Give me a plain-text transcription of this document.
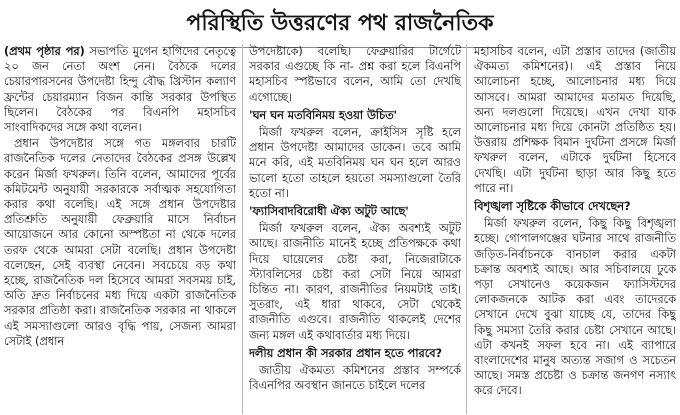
পরিস্থিতি উত্তরণের পথ রাজনৈতিক

(প্রথম পৃষ্ঠার পর) সভাপতি মুগেন হাগিদের নেতৃত্বে ২০ জন নেতা অংশ নেন। বৈঠকে দলের চেয়ারপারসনের উপদেষ্টা হিন্দু বৌদ্ধ খ্রিস্টান কল্যাণ ফ্রন্টের চেয়ারম্যান বিজন কান্তি সরকার উপস্থিত ছিলেন। বৈঠকের পর বিএনপি মহাসচিব সাংবাদিকদের সঙ্গে কথা বলেন।

প্রধান উপদেষ্টার সঙ্গে গত মঙ্গলবার চারটি রাজনৈতিক দলের নেতাদের বৈঠকের প্রসঙ্গ উল্লেখ করেন মির্জা ফখরুল। তিনি বলেন, আমাদের পূর্বের কমিটমেন্ট অনুযায়ী সরকারকে সর্বাত্মক সহযোগিতা করার কথা বলেছি। এই সঙ্গে প্রধান উপদেষ্টার প্রতিশ্রুতি অনুযায়ী ফেব্রুয়ারি মাসে নির্বাচন আয়োজনে আর কোনো অস্পষ্টতা না থেকে দলের তরফ থেকে আমরা সেটা বলেছি। প্রধান উপদেষ্টা বলেছেন, সেই ব্যবস্থা নেবেন। সবচেয়ে বড় কথা হচ্ছে, রাজনৈতিক দল হিসেবে আমরা সবসময় চাই, অতি দ্রুত নির্বাচনের মধ্য দিয়ে একটা রাজনৈতিক সরকার প্রতিষ্ঠা করা। রাজনৈতিক সরকার না থাকলে এই সমস্যাগুলো আরও বৃদ্ধি পায়, সেজন্য আমরা সেটাই (প্রধান

উপদেষ্টাকে) বলেছি। ফেব্রুয়ারির টার্গেটে সরকার এগুচ্ছে কি না- প্রশ্ন করা হলে বিএনপি মহাসচিব স্পষ্টভাবে বলেন, আমি তো দেখছি এগোচ্ছে।

'ঘন ঘন মতবিনিময় হওয়া উচিত'

মির্জা ফখরুল বলেন, ক্রাইসিস সৃষ্টি হলে প্রধান উপদেষ্টা আমাদের ডাকেন। তবে আমি মনে করি, এই মতবিনিময় ঘন ঘন হলে আরও ভালো হতো তাহলে হয়তো সমস্যাগুলো তৈরি হতো না।

'ফ্যাসিবাদবিরোধী ঐক্য অটুট আছে'

মির্জা ফখরুল বলেন, ঐক্য অবশ্যই অটুট আছে। রাজনীতি মানেই হচ্ছে প্রতিপক্ষকে কথা দিয়ে ঘায়েলের চেষ্টা করা, নিজেরাটাকে স্ট্যাবলিসের চেষ্টা করা সেটা নিয়ে আমরা চিন্তিত না। কারণ, রাজনীতির নিয়মটাই তাই। সুতরাং, এই ধারা থাকবে, সেটা থেকেই রাজনীতি এগুবে। রাজনীতি থাকলেই দেশের জন্য মঙ্গল এই কথাবার্তার মধ্য দিয়ে।

দলীয় প্রধান কী সরকার প্রধান হতে পারবে?

জাতীয় ঐকমত্য কমিশনের প্রস্তাব সম্পর্কে বিএনপির অবস্থান জানতে চাইলে দলের

মহাসচিব বলেন, এটা প্রস্তাব তাদের (জাতীয় ঐকমত্য কমিশনের)। এই প্রস্তাব নিয়ে আলোচনা হচ্ছে, আলোচনার মধ্য দিয়ে আসবে। আমরা আমাদের মতামত দিয়েছি, অন্য দলগুলো দিয়েছে। এখন দেখা যাক আলোচনার মধ্য দিয়ে কোনটা প্রতিষ্ঠিত হয়। উত্তরায় প্রশিক্ষক বিমান দুর্ঘটনা প্রসঙ্গে মির্জা ফখরুল বলেন, এটাকে দুর্ঘটনা হিসেবে দেখছি। এটা দুর্ঘটনা ছাড়া আর কিছু হতে পারে না।

বিশৃঙ্খলা সৃষ্টিকে কীভাবে দেখছেন?

মির্জা ফখরুল বলেন, কিছু কিছু বিশৃঙ্খলা হচ্ছে। গোপালগঞ্জের ঘটনার সাথে রাজনীতি জড়িত-নির্বাচনকে বানচাল করার একটা চক্রান্ত অবশ্যই আছে। আর সচিবালয়ে ঢুকে পড়া সেখানেও কয়েকজন ফ্যাসিস্টদের লোকজনকে আটক করা এবং তাদেরকে সেখানে দেখে বুঝা যাচ্ছে যে, তাদের কিছু কিছু সমস্যা তৈরি করার চেষ্টা সেখানে আছে। এটা কখনই সফল হবে না। এই ব্যাপারে বাংলাদেশের মানুষ অত্যন্ত সজাগ ও সচেতন আছে। সমস্ত প্রচেষ্টা ও চক্রান্ত জনগণ নস্যাৎ করে দেবে।
